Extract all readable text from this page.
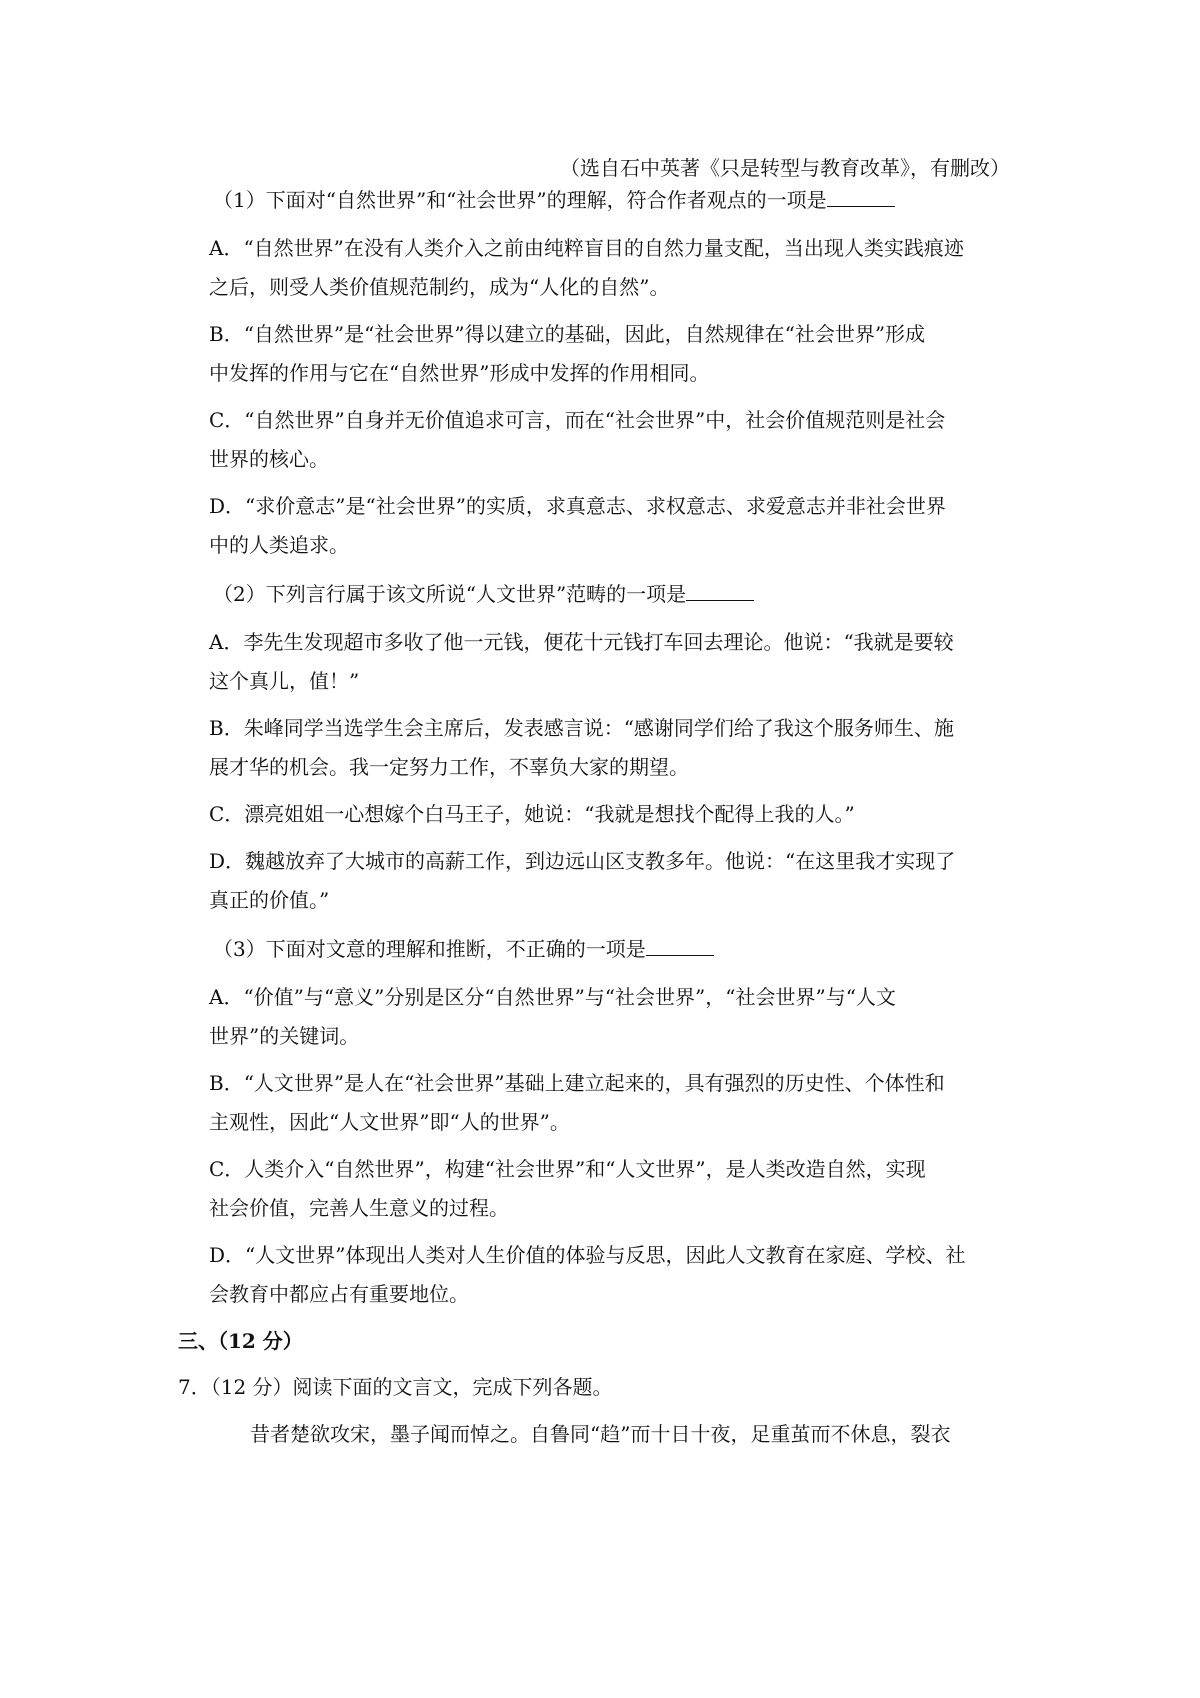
（选自石中英著《只是转型与教育改革》，有删改）
（1）下面对“自然世界”和“社会世界”的理解，符合作者观点的一项是
A．“自然世界”在没有人类介入之前由纯粹盲目的自然力量支配，当出现人类实践痕迹
之后，则受人类价值规范制约，成为“人化的自然”。
B．“自然世界”是“社会世界”得以建立的基础，因此，自然规律在“社会世界”形成
中发挥的作用与它在“自然世界”形成中发挥的作用相同。
C．“自然世界”自身并无价值追求可言，而在“社会世界”中，社会价值规范则是社会
世界的核心。
D．“求价意志”是“社会世界”的实质，求真意志、求权意志、求爱意志并非社会世界
中的人类追求。
（2）下列言行属于该文所说“人文世界”范畴的一项是
A．李先生发现超市多收了他一元钱，便花十元钱打车回去理论。他说：“我就是要较
这个真儿，值！”
B．朱峰同学当选学生会主席后，发表感言说：“感谢同学们给了我这个服务师生、施
展才华的机会。我一定努力工作，不辜负大家的期望。
C．漂亮姐姐一心想嫁个白马王子，她说：“我就是想找个配得上我的人。”
D．魏越放弃了大城市的高薪工作，到边远山区支教多年。他说：“在这里我才实现了
真正的价值。”
（3）下面对文意的理解和推断，不正确的一项是
A．“价值”与“意义”分别是区分“自然世界”与“社会世界”，“社会世界”与“人文
世界”的关键词。
B．“人文世界”是人在“社会世界”基础上建立起来的，具有强烈的历史性、个体性和
主观性，因此“人文世界”即“人的世界”。
C．人类介入“自然世界”，构建“社会世界”和“人文世界”，是人类改造自然，实现
社会价值，完善人生意义的过程。
D．“人文世界”体现出人类对人生价值的体验与反思，因此人文教育在家庭、学校、社
会教育中都应占有重要地位。
三、（12 分）
7．（12 分）阅读下面的文言文，完成下列各题。
昔者楚欲攻宋，墨子闻而悼之。自鲁同“趋”而十日十夜，足重茧而不休息，裂衣
